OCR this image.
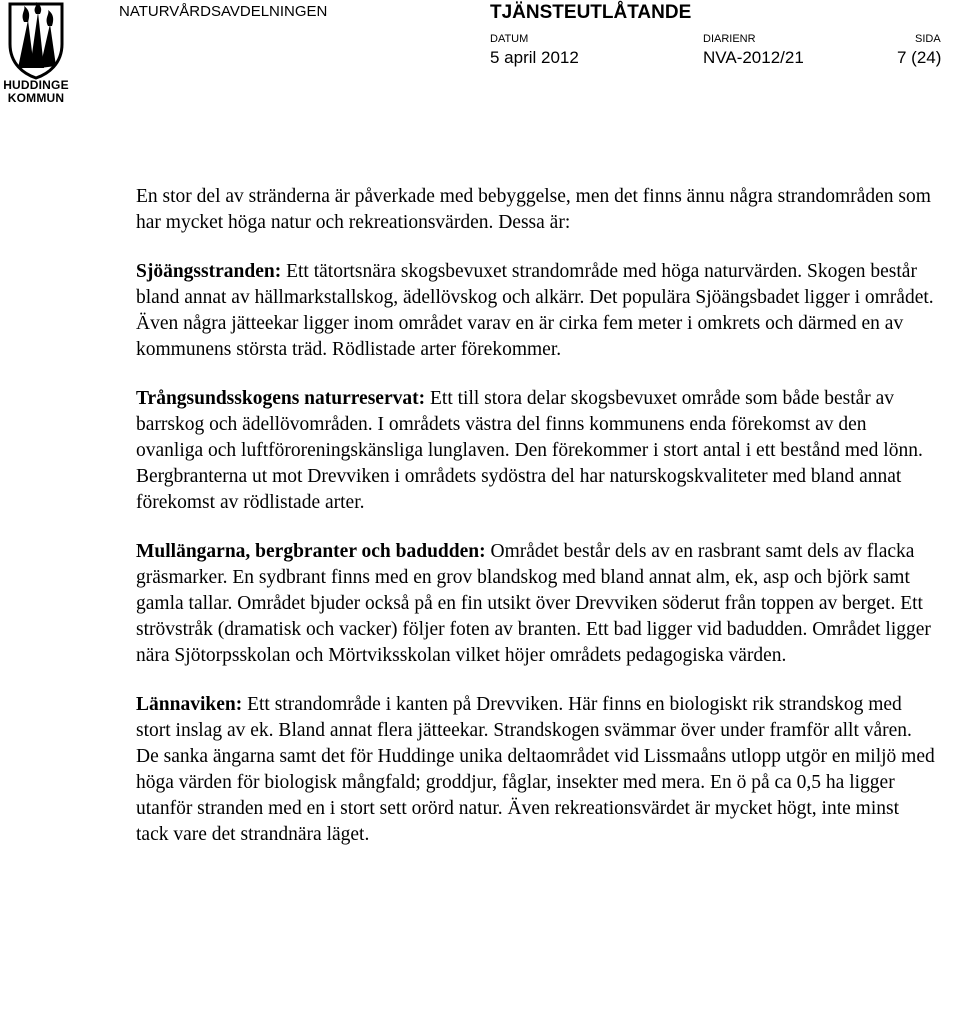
HUDDINGE
KOMMUN
NATURVÅRDSAVDELNINGEN	TJÄNSTEUTLÅTANDE
DATUM
5 april 2012
DIARIENR
NVA-2012/21
SIDA
7 (24)

En stor del av stränderna är påverkade med bebyggelse, men det finns ännu några strandområden som har mycket höga natur och rekreationsvärden. Dessa är:

Sjöängsstranden: Ett tätortsnära skogsbevuxet strandområde med höga naturvärden. Skogen består bland annat av hällmarkstallskog, ädellövskog och alkärr. Det populära Sjöängsbadet ligger i området. Även några jätteekar ligger inom området varav en är cirka fem meter i omkrets och därmed en av kommunens största träd. Rödlistade arter förekommer.

Trångsundsskogens naturreservat: Ett till stora delar skogsbevuxet område som både består av barrskog och ädellövområden. I områdets västra del finns kommunens enda förekomst av den ovanliga och luftföroreningskänsliga lunglaven. Den förekommer i stort antal i ett bestånd med lönn. Bergbranterna ut mot Drevviken i områdets sydöstra del har naturskogskvaliteter med bland annat förekomst av rödlistade arter.

Mullängarna, bergbranter och badudden: Området består dels av en rasbrant samt dels av flacka gräsmarker. En sydbrant finns med en grov blandskog med bland annat alm, ek, asp och björk samt gamla tallar. Området bjuder också på en fin utsikt över Drevviken söderut från toppen av berget. Ett strövstråk (dramatisk och vacker) följer foten av branten. Ett bad ligger vid badudden. Området ligger nära Sjötorpsskolan och Mörtviksskolan vilket höjer områdets pedagogiska värden.

Lännaviken: Ett strandområde i kanten på Drevviken. Här finns en biologiskt rik strandskog med stort inslag av ek. Bland annat flera jätteekar. Strandskogen svämmar över under framför allt våren. De sanka ängarna samt det för Huddinge unika deltaområdet vid Lissmaåns utlopp utgör en miljö med höga värden för biologisk mångfald; groddjur, fåglar, insekter med mera. En ö på ca 0,5 ha ligger utanför stranden med en i stort sett orörd natur. Även rekreationsvärdet är mycket högt, inte minst tack vare det strandnära läget.
